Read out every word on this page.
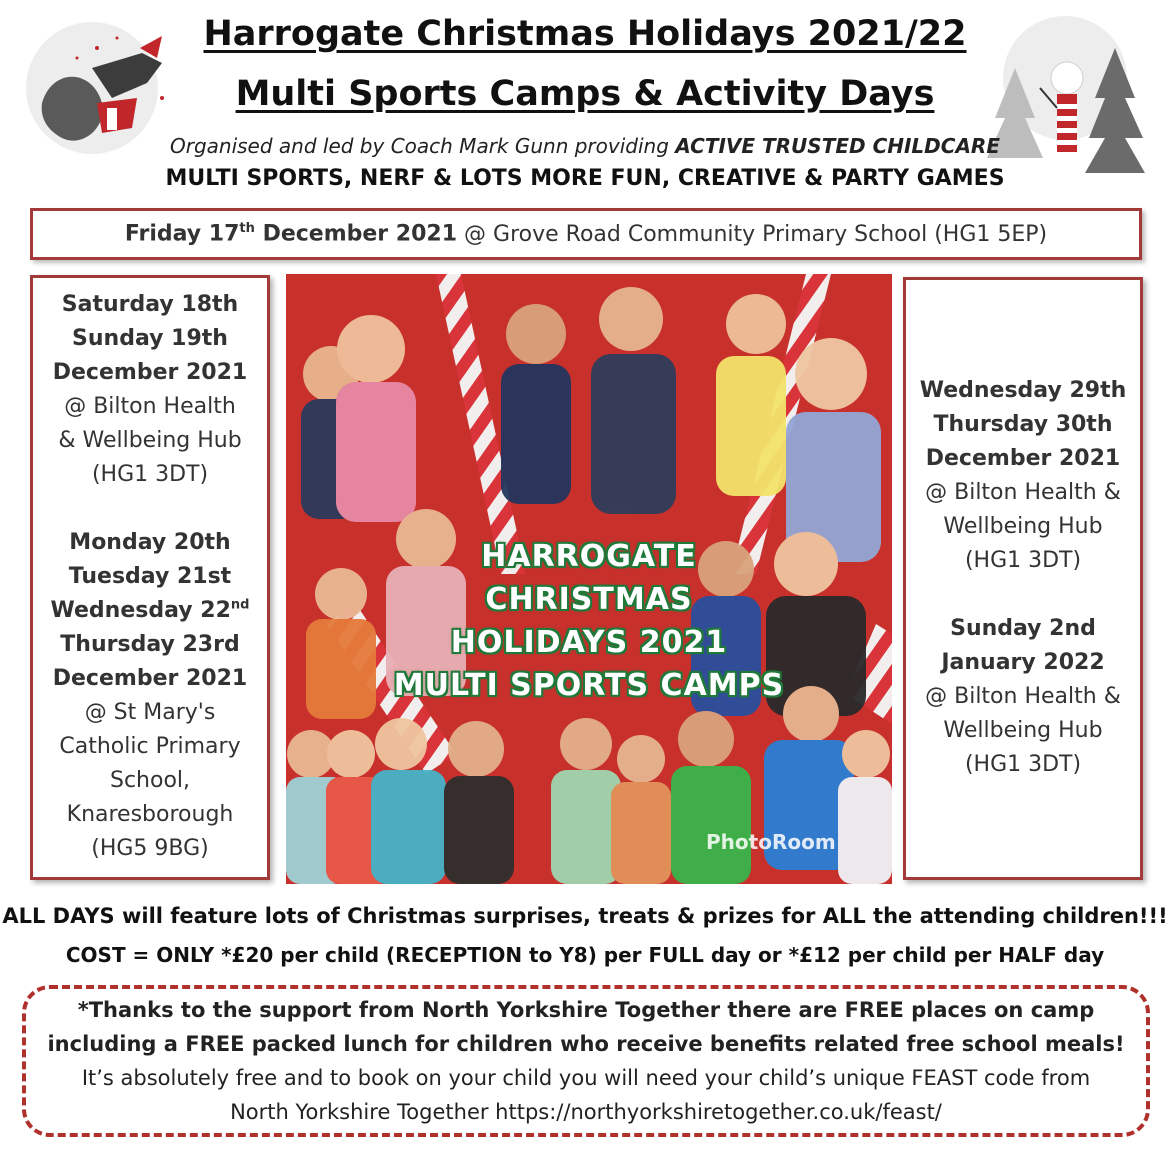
Harrogate Christmas Holidays 2021/22
Multi Sports Camps & Activity Days
Organised and led by Coach Mark Gunn providing ACTIVE TRUSTED CHILDCARE
MULTI SPORTS, NERF & LOTS MORE FUN, CREATIVE & PARTY GAMES
Friday 17th December 2021 @ Grove Road Community Primary School (HG1 5EP)
Saturday 18th
Sunday 19th
December 2021
@ Bilton Health
& Wellbeing Hub
(HG1 3DT)
Monday 20th
Tuesday 21st
Wednesday 22nd
Thursday 23rd
December 2021
@ St Mary's
Catholic Primary
School,
Knaresborough
(HG5 9BG)
HARROGATE
CHRISTMAS
HOLIDAYS 2021
MULTI SPORTS CAMPS
PhotoRoom
Wednesday 29th
Thursday 30th
December 2021
@ Bilton Health &
Wellbeing Hub
(HG1 3DT)
Sunday 2nd
January 2022
@ Bilton Health &
Wellbeing Hub
(HG1 3DT)
ALL DAYS will feature lots of Christmas surprises, treats & prizes for ALL the attending children!!!
COST = ONLY *£20 per child (RECEPTION to Y8) per FULL day or *£12 per child per HALF day
*Thanks to the support from North Yorkshire Together there are FREE places on camp
including a FREE packed lunch for children who receive benefits related free school meals!
It’s absolutely free and to book on your child you will need your child’s unique FEAST code from
North Yorkshire Together https://northyorkshiretogether.co.uk/feast/
